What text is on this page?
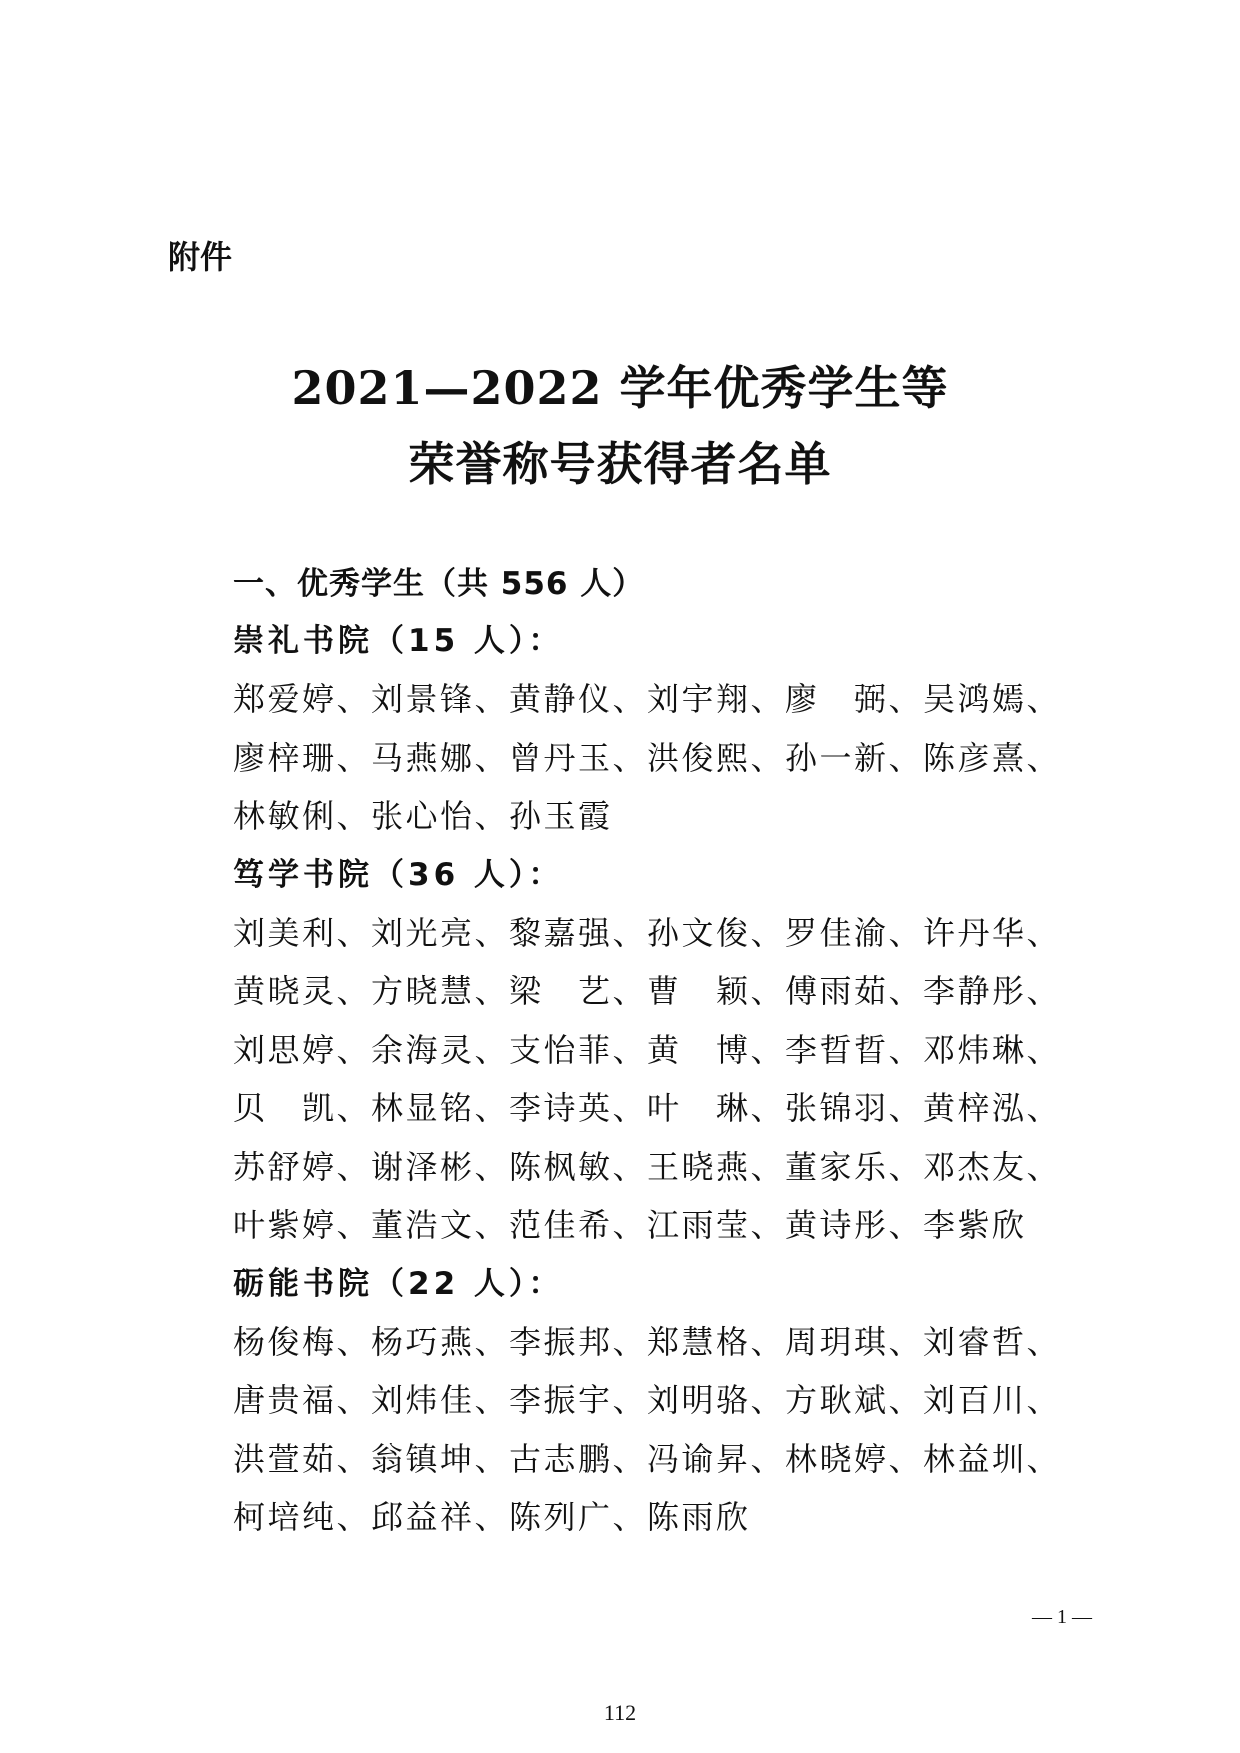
附件
2021—2022 学年优秀学生等
荣誉称号获得者名单
一、优秀学生（共 556 人）
崇礼书院（15 人）：
郑爱婷、刘景锋、黄静仪、刘宇翔、廖　弼、吴鸿嫣、
廖梓珊、马燕娜、曾丹玉、洪俊熙、孙一新、陈彦熹、
林敏俐、张心怡、孙玉霞
笃学书院（36 人）：
刘美利、刘光亮、黎嘉强、孙文俊、罗佳渝、许丹华、
黄晓灵、方晓慧、梁　艺、曹　颖、傅雨茹、李静彤、
刘思婷、余海灵、支怡菲、黄　博、李晢晢、邓炜琳、
贝　凯、林显铭、李诗英、叶　琳、张锦羽、黄梓泓、
苏舒婷、谢泽彬、陈枫敏、王晓燕、董家乐、邓杰友、
叶紫婷、董浩文、范佳希、江雨莹、黄诗彤、李紫欣
砺能书院（22 人）：
杨俊梅、杨巧燕、李振邦、郑慧格、周玥琪、刘睿哲、
唐贵福、刘炜佳、李振宇、刘明骆、方耿斌、刘百川、
洪萱茹、翁镇坤、古志鹏、冯谕昇、林晓婷、林益圳、
柯培纯、邱益祥、陈列广、陈雨欣
— 1 —
112
